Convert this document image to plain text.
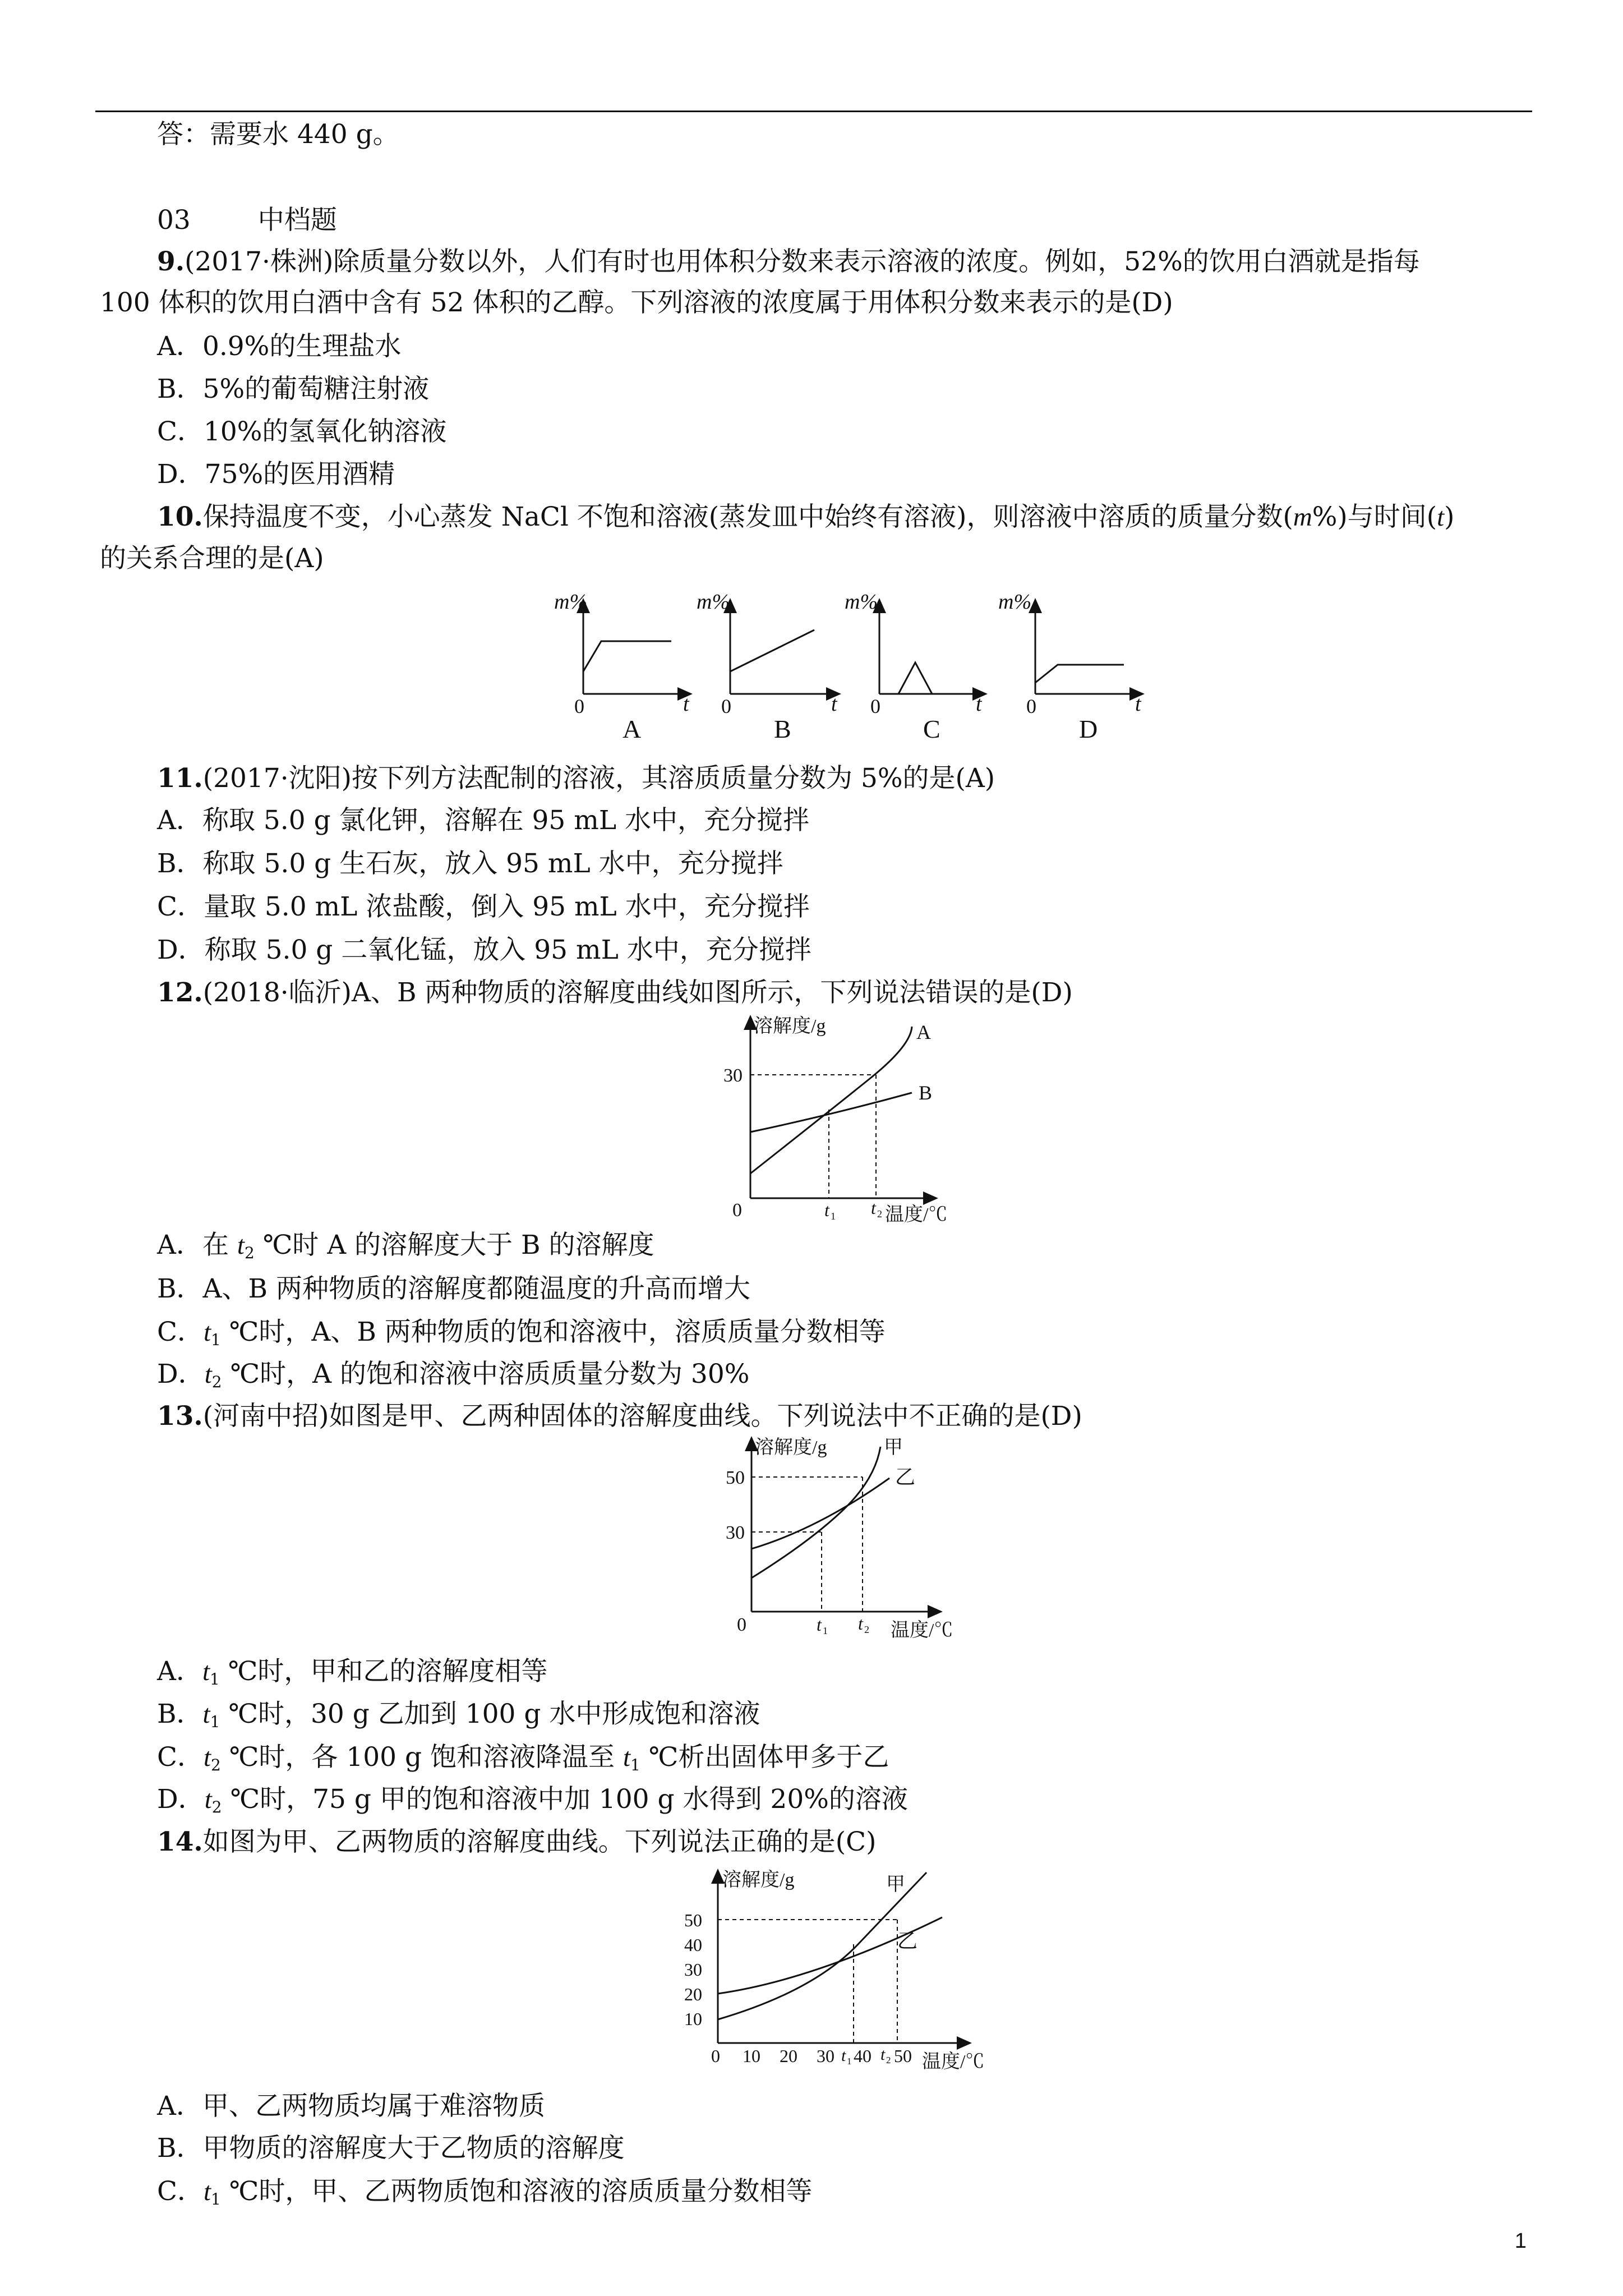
答：需要水 440 g。
03	中档题
9.(2017·株洲)除质量分数以外，人们有时也用体积分数来表示溶液的浓度。例如，52%的饮用白酒就是指每
100 体积的饮用白酒中含有 52 体积的乙醇。下列溶液的浓度属于用体积分数来表示的是(D)
A．0.9%的生理盐水
B．5%的葡萄糖注射液
C．10%的氢氧化钠溶液
D．75%的医用酒精
10.保持温度不变，小心蒸发 NaCl 不饱和溶液(蒸发皿中始终有溶液)，则溶液中溶质的质量分数(m%)与时间(t)
的关系合理的是(A)
m%
t
0
A
m%
t
0
B
m%
t
0
C
m%
t
0
D
11.(2017·沈阳)按下列方法配制的溶液，其溶质质量分数为 5%的是(A)
A．称取 5.0 g 氯化钾，溶解在 95 mL 水中，充分搅拌
B．称取 5.0 g 生石灰，放入 95 mL 水中，充分搅拌
C．量取 5.0 mL 浓盐酸，倒入 95 mL 水中，充分搅拌
D．称取 5.0 g 二氧化锰，放入 95 mL 水中，充分搅拌
12.(2018·临沂)A、B 两种物质的溶解度曲线如图所示，下列说法错误的是(D)
溶解度/g
30
A
B
0	t 1 t 2 温度/℃
A．在 $t_2$ ℃时 A 的溶解度大于 B 的溶解度
B．A、B 两种物质的溶解度都随温度的升高而增大
C．$t_1$ ℃时，A、B 两种物质的饱和溶液中，溶质质量分数相等
D．$t_2$ ℃时，A 的饱和溶液中溶质质量分数为 30%
13.(河南中招)如图是甲、乙两种固体的溶解度曲线。下列说法中不正确的是(D)
溶解度/g
50
30
甲
乙
0	t 1 t 2 温度/℃
A．$t_1$ ℃时，甲和乙的溶解度相等
B．$t_1$ ℃时，30 g 乙加到 100 g 水中形成饱和溶液
C．$t_2$ ℃时，各 100 g 饱和溶液降温至 $t_1$ ℃析出固体甲多于乙
D．$t_2$ ℃时，75 g 甲的饱和溶液中加 100 g 水得到 20%的溶液
14.如图为甲、乙两物质的溶解度曲线。下列说法正确的是(C)
溶解度/g
50
40
30
20
10
甲
乙
0 10 20 30 t 1 40 t 2 50 温度/℃
A．甲、乙两物质均属于难溶物质
B．甲物质的溶解度大于乙物质的溶解度
C．$t_1$ ℃时，甲、乙两物质饱和溶液的溶质质量分数相等
1
